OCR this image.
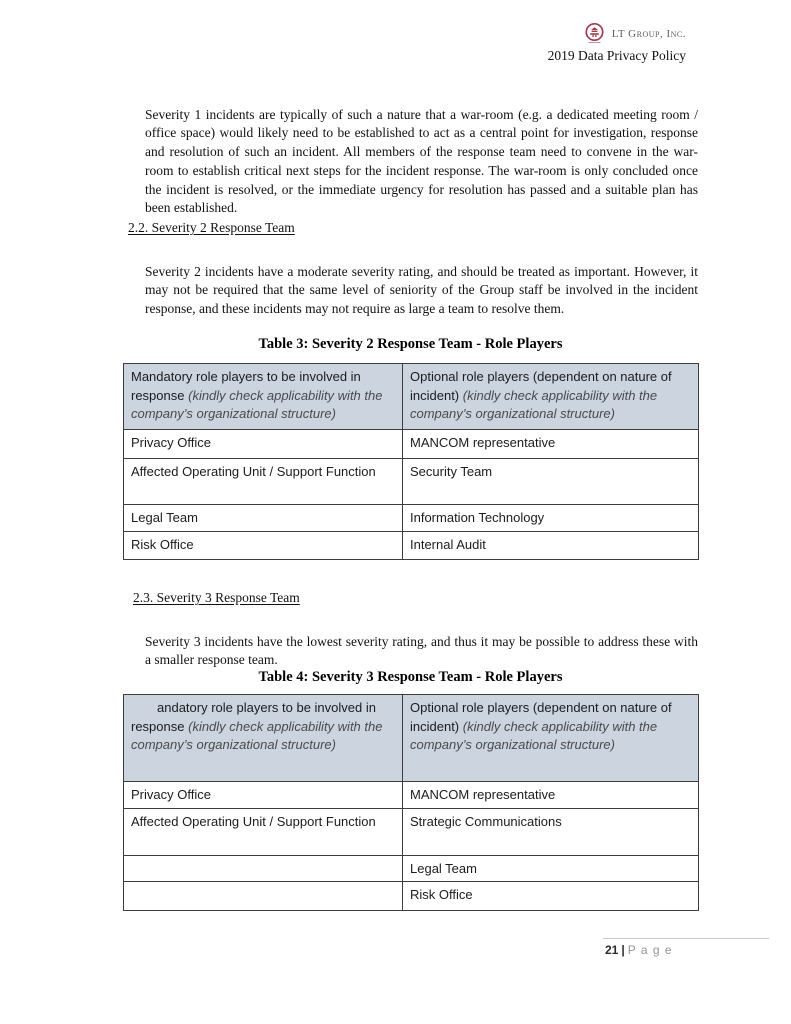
LT Group, Inc.
2019 Data Privacy Policy

Severity 1 incidents are typically of such a nature that a war-room (e.g. a dedicated meeting room / office space) would likely need to be established to act as a central point for investigation, response and resolution of such an incident. All members of the response team need to convene in the war-room to establish critical next steps for the incident response. The war-room is only concluded once the incident is resolved, or the immediate urgency for resolution has passed and a suitable plan has been established.

2.2. Severity 2 Response Team

Severity 2 incidents have a moderate severity rating, and should be treated as important. However, it may not be required that the same level of seniority of the Group staff be involved in the incident response, and these incidents may not require as large a team to resolve them.

Table 3: Severity 2 Response Team - Role Players
Mandatory role players to be involved in response (kindly check applicability with the company’s organizational structure)	Optional role players (dependent on nature of incident) (kindly check applicability with the company’s organizational structure)
Privacy Office	MANCOM representative
Affected Operating Unit / Support Function	Security Team
Legal Team	Information Technology
Risk Office	Internal Audit
2.3. Severity 3 Response Team

Severity 3 incidents have the lowest severity rating, and thus it may be possible to address these with a smaller response team.

Table 4: Severity 3 Response Team - Role Players
andatory role players to be involved in response (kindly check applicability with the company’s organizational structure)	Optional role players (dependent on nature of incident) (kindly check applicability with the company’s organizational structure)
Privacy Office	MANCOM representative
Affected Operating Unit / Support Function	Strategic Communications
	Legal Team
	Risk Office
21 | P a g e
